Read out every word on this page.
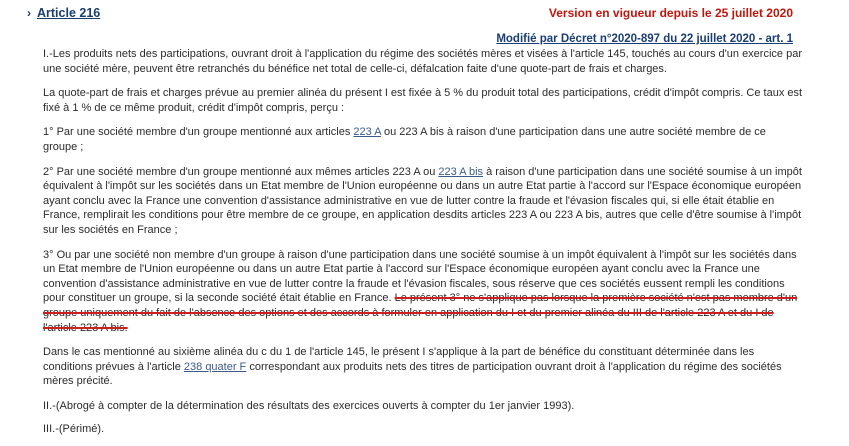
› Article 216	Version en vigueur depuis le 25 juillet 2020
Modifié par Décret n°2020-897 du 22 juillet 2020 - art. 1

I.-Les produits nets des participations, ouvrant droit à l'application du régime des sociétés mères et visées à l'article 145, touchés au cours d'un exercice par une société mère, peuvent être retranchés du bénéfice net total de celle-ci, défalcation faite d'une quote-part de frais et charges.

La quote-part de frais et charges prévue au premier alinéa du présent I est fixée à 5 % du produit total des participations, crédit d'impôt compris. Ce taux est fixé à 1 % de ce même produit, crédit d'impôt compris, perçu :

1° Par une société membre d'un groupe mentionné aux articles 223 A ou 223 A bis à raison d'une participation dans une autre société membre de ce groupe ;

2° Par une société membre d'un groupe mentionné aux mêmes articles 223 A ou 223 A bis à raison d'une participation dans une société soumise à un impôt équivalent à l'impôt sur les sociétés dans un Etat membre de l'Union européenne ou dans un autre Etat partie à l'accord sur l'Espace économique européen ayant conclu avec la France une convention d'assistance administrative en vue de lutter contre la fraude et l'évasion fiscales qui, si elle était établie en France, remplirait les conditions pour être membre de ce groupe, en application desdits articles 223 A ou 223 A bis, autres que celle d'être soumise à l'impôt sur les sociétés en France ;

3° Ou par une société non membre d'un groupe à raison d'une participation dans une société soumise à un impôt équivalent à l'impôt sur les sociétés dans un Etat membre de l'Union européenne ou dans un autre Etat partie à l'accord sur l'Espace économique européen ayant conclu avec la France une convention d'assistance administrative en vue de lutter contre la fraude et l'évasion fiscales, sous réserve que ces sociétés eussent rempli les conditions pour constituer un groupe, si la seconde société était établie en France. Le présent 3° ne s'applique pas lorsque la première société n'est pas membre d'un groupe uniquement du fait de l'absence des options et des accords à formuler en application du I et du premier alinéa du III de l'article 223 A et du I de l'article 223 A bis.

Dans le cas mentionné au sixième alinéa du c du 1 de l'article 145, le présent I s'applique à la part de bénéfice du constituant déterminée dans les conditions prévues à l'article 238 quater F correspondant aux produits nets des titres de participation ouvrant droit à l'application du régime des sociétés mères précité.

II.-(Abrogé à compter de la détermination des résultats des exercices ouverts à compter du 1er janvier 1993).

III.-(Périmé).
